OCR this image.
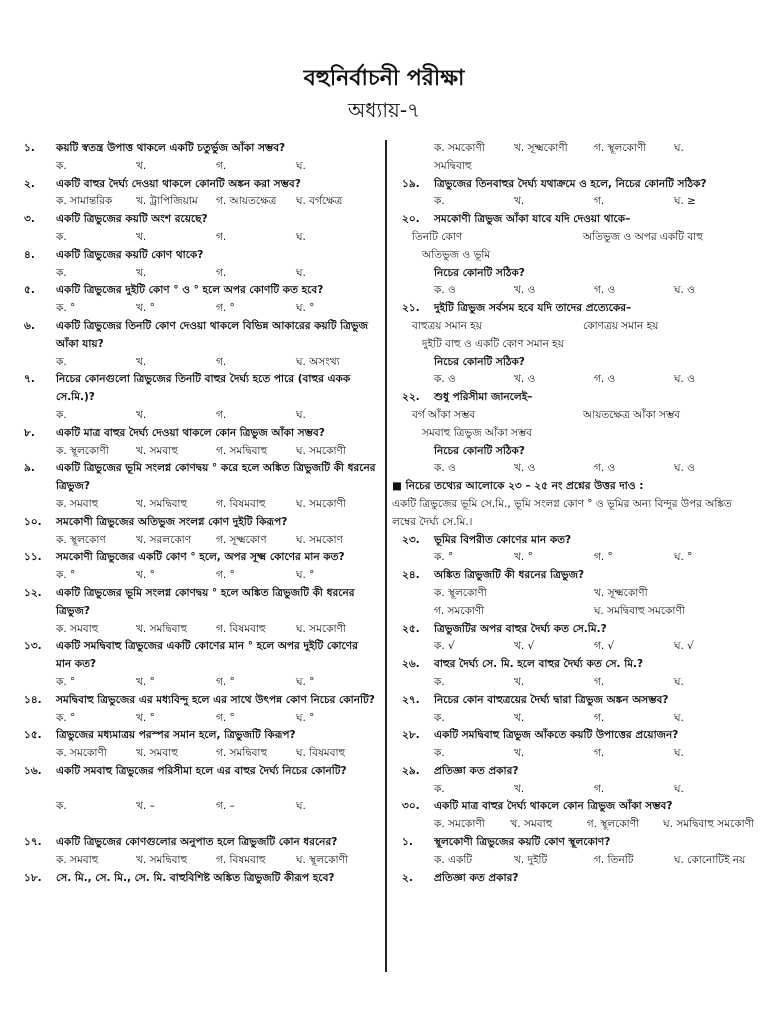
বহুনির্বাচনী পরীক্ষা
অধ্যায়-৭
১.	কয়টি স্বতন্ত্র উপাত্ত থাকলে একটি চতুর্ভুজ আঁকা সম্ভব?
ক.	খ.	গ.	ঘ.
২.	একটি বাহুর দৈর্ঘ্য দেওয়া থাকলে কোনটি অঙ্কন করা সম্ভব?
ক. সামান্তরিক	খ. ট্রাপিজিয়াম	গ. আয়তক্ষেত্র	ঘ. বর্গক্ষেত্র
৩.	একটি ত্রিভুজের কয়টি অংশ রয়েছে?
ক.	খ.	গ.	ঘ.
৪.	একটি ত্রিভুজের কয়টি কোণ থাকে?
ক.	খ.	গ.	ঘ.
৫.	একটি ত্রিভুজের দুইটি কোণ ° ও ° হলে অপর কোণটি কত হবে?
ক. °	খ. °	গ. °	ঘ. °
৬.	একটি ত্রিভুজের তিনটি কোণ দেওয়া থাকলে বিভিন্ন আকারের কয়টি ত্রিভুজ আঁকা যায়?
ক.	খ.	গ.	ঘ. অসংখ্য
৭.	নিচের কোনগুলো ত্রিভুজের তিনটি বাহুর দৈর্ঘ্য হতে পারে (বাহুর একক সে.মি.)?
ক.	খ.	গ.	ঘ.
৮.	একটি মাত্র বাহুর দৈর্ঘ্য দেওয়া থাকলে কোন ত্রিভুজ আঁকা সম্ভব?
ক. স্থূলকোণী	খ. সমবাহু	গ. সমদ্বিবাহু	ঘ. সমকোণী
৯.	একটি ত্রিভুজের ভূমি সংলগ্ন কোণদ্বয় ° করে হলে অঙ্কিত ত্রিভুজটি কী ধরনের ত্রিভুজ?
ক. সমবাহু	খ. সমদ্বিবাহু	গ. বিষমবাহু	ঘ. সমকোণী
১০.	সমকোণী ত্রিভুজের অতিভুজ সংলগ্ন কোণ দুইটি কিরূপ?
ক. স্থূলকোণ	খ. সরলকোণ	গ. সূক্ষ্মকোণ	ঘ. সমকোণ
১১.	সমকোণী ত্রিভুজের একটি কোণ ° হলে, অপর সূক্ষ্ম কোণের মান কত?
ক. °	খ. °	গ. °	ঘ. °
১২.	একটি ত্রিভুজের ভূমি সংলগ্ন কোণদ্বয় ° হলে অঙ্কিত ত্রিভুজটি কী ধরনের ত্রিভুজ?
ক. সমবাহু	খ. সমদ্বিবাহু	গ. বিষমবাহু	ঘ. সমকোণী
১৩.	একটি সমদ্বিবাহু ত্রিভুজের একটি কোণের মান ° হলে অপর দুইটি কোণের মান কত?
ক. °	খ. °	গ. °	ঘ. °
১৪.	সমদ্বিবাহু ত্রিভুজের এর মধ্যবিন্দু হলে এর সাথে উৎপন্ন কোণ নিচের কোনটি?
ক. °	খ. °	গ. °	ঘ. °
১৫.	ত্রিভুজের মধ্যমাত্রয় পরস্পর সমান হলে, ত্রিভুজটি কিরূপ?
ক. সমকোণী	খ. সমবাহু	গ. সমদ্বিবাহু	ঘ. বিষমবাহু
১৬.	একটি সমবাহু ত্রিভুজের পরিসীমা হলে এর বাহুর দৈর্ঘ্য নিচের কোনটি?
ক.	খ. –	গ. –	ঘ.
১৭.	একটি ত্রিভুজের কোণগুলোর অনুপাত হলে ত্রিভুজটি কোন ধরনের?
ক. সমবাহু	খ. সমদ্বিবাহু	গ. বিষমবাহু	ঘ. স্থূলকোণী
১৮.	সে. মি., সে. মি., সে. মি. বাহুবিশিষ্ট অঙ্কিত ত্রিভুজটি কীরূপ হবে?
ক. সমকোণী	খ. সূক্ষ্মকোণী	গ. স্থূলকোণী	ঘ.
সমদ্বিবাহু
১৯.	ত্রিভুজের তিনবাহুর দৈর্ঘ্য যথাক্রমে ও হলে, নিচের কোনটি সঠিক?
ক.	খ.	গ.	ঘ. ≥
২০.	সমকোণী ত্রিভুজ আঁকা যাবে যদি দেওয়া থাকে–
তিনটি কোণ	অতিভুজ ও অপর একটি বাহু
অতিভুজ ও ভূমি
নিচের কোনটি সঠিক?
ক. ও	খ. ও	গ. ও	ঘ. ও
২১.	দুইটি ত্রিভুজ সর্বসম হবে যদি তাদের প্রত্যেকের–
বাহুত্রয় সমান হয়	কোণত্রয় সমান হয়
দুইটি বাহু ও একটি কোণ সমান হয়
নিচের কোনটি সঠিক?
ক. ও	খ. ও	গ. ও	ঘ. ও
২২.	শুধু পরিসীমা জানলেই–
বর্গ আঁকা সম্ভব	আয়তক্ষেত্র আঁকা সম্ভব
সমবাহু ত্রিভুজ আঁকা সম্ভব
নিচের কোনটি সঠিক?
ক. ও	খ. ও	গ. ও	ঘ. ও
■ নিচের তথ্যের আলোকে ২৩ – ২৫ নং প্রশ্নের উত্তর দাও :
একটি ত্রিভুজের ভূমি সে.মি., ভূমি সংলগ্ন কোণ ° ও ভূমির অন্য বিন্দুর উপর অঙ্কিত লম্বের দৈর্ঘ্য সে.মি.।
২৩.	ভূমির বিপরীত কোণের মান কত?
ক. °	খ. °	গ. °	ঘ. °
২৪.	অঙ্কিত ত্রিভুজটি কী ধরনের ত্রিভুজ?
ক. স্থূলকোণী	খ. সূক্ষ্মকোণী
গ. সমকোণী	ঘ. সমদ্বিবাহু সমকোণী
২৫.	ত্রিভুজটির অপর বাহুর দৈর্ঘ্য কত সে.মি.?
ক. √	খ. √	গ. √	ঘ. √
২৬.	বাহুর দৈর্ঘ্য সে. মি. হলে বাহুর দৈর্ঘ্য কত সে. মি.?
ক.	খ.	গ.	ঘ.
২৭.	নিচের কোন বাহুত্রয়ের দৈর্ঘ্য দ্বারা ত্রিভুজ অঙ্কন অসম্ভব?
ক.	খ.	গ.	ঘ.
২৮.	একটি সমদ্বিবাহু ত্রিভুজ আঁকতে কয়টি উপাত্তের প্রয়োজন?
ক.	খ.	গ.	ঘ.
২৯.	প্রতিজ্ঞা কত প্রকার?
ক.	খ.	গ.	ঘ.
৩০.	একটি মাত্র বাহুর দৈর্ঘ্য থাকলে কোন ত্রিভুজ আঁকা সম্ভব?
ক. সমকোণী	খ. সমবাহু	গ. স্থূলকোণী	ঘ. সমদ্বিবাহু সমকোণী
১.	স্থূলকোণী ত্রিভুজের কয়টি কোণ স্থূলকোণ?
ক. একটি	খ. দুইটি	গ. তিনটি	ঘ. কোনোটিই নয়
২.	প্রতিজ্ঞা কত প্রকার?
